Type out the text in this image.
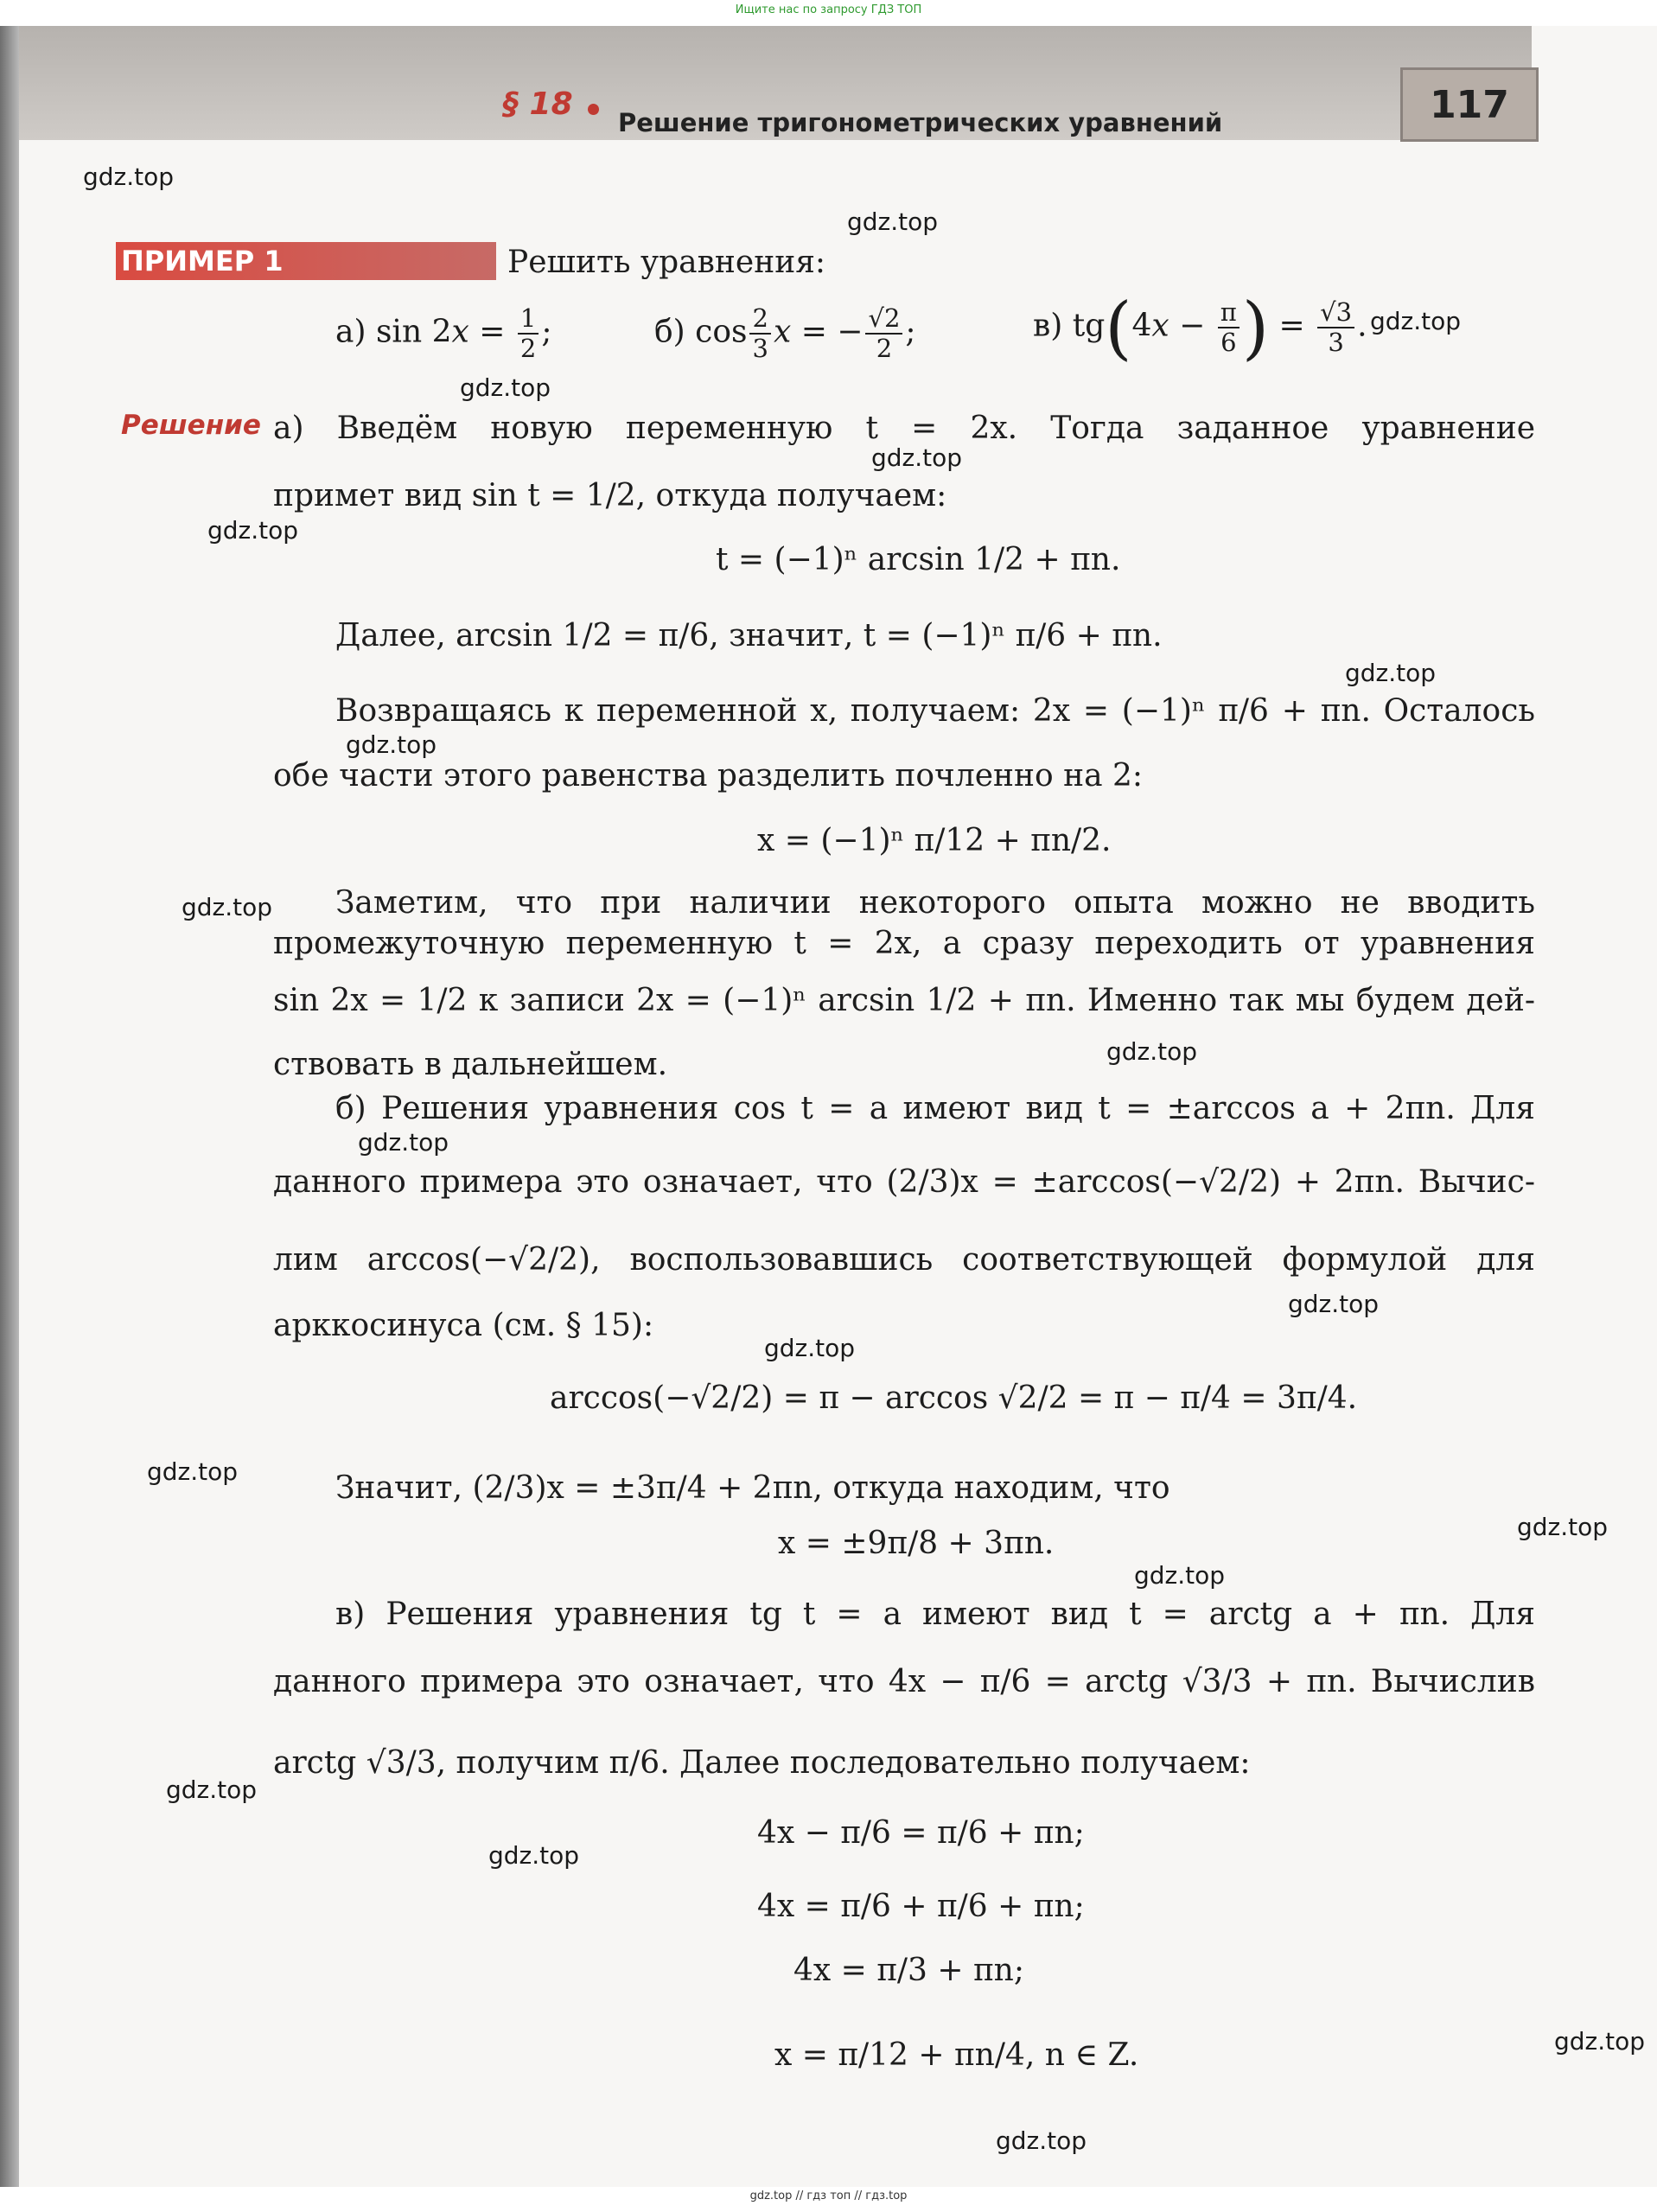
Ищите нас по запросу ГДЗ ТОП
§ 18
Решение тригонометрических уравнений	117
gdz.top
gdz.top
gdz.top
gdz.top
gdz.top
gdz.top
gdz.top
gdz.top
gdz.top
gdz.top
gdz.top
gdz.top
gdz.top
gdz.top
gdz.top
gdz.top
gdz.top
gdz.top
gdz.top
gdz.top
ПРИМЕР 1	Решить уравнения:
а) $\sin 2x = \frac{1}{2}$ ;	б) $\cos \frac{2}{3}$ x = − $\frac{√2}{2}$ ;	в) $tg(4x - \frac{\pi}{6}$ ) = $\frac{√3}{3}$ .
Решение а) Введём новую переменную t = 2x. Тогда заданное уравнение
примет вид sin t = 1/2, откуда получаем:
t = (−1)ⁿ arcsin 1/2 + πn.
Далее, arcsin 1/2 = π/6, значит, t = (−1)ⁿ π/6 + πn.
Возвращаясь к переменной x, получаем: 2x = (−1)ⁿ π/6 + πn. Осталось
обе части этого равенства разделить почленно на 2:
x = (−1)ⁿ π/12 + πn/2.
Заметим, что при наличии некоторого опыта можно не вводить
промежуточную переменную t = 2x, а сразу переходить от уравнения
sin 2x = 1/2 к записи 2x = (−1)ⁿ arcsin 1/2 + πn. Именно так мы будем дей-
ствовать в дальнейшем.
б) Решения уравнения cos t = a имеют вид t = ±arccos a + 2πn. Для
данного примера это означает, что (2/3)x = ±arccos(−√2/2) + 2πn. Вычис-
лим arccos(−√2/2), воспользовавшись соответствующей формулой для
арккосинуса (см. § 15):
arccos(−√2/2) = π − arccos √2/2 = π − π/4 = 3π/4.
Значит, (2/3)x = ±3π/4 + 2πn, откуда находим, что
x = ±9π/8 + 3πn.
в) Решения уравнения tg t = a имеют вид t = arctg a + πn. Для
данного примера это означает, что 4x − π/6 = arctg √3/3 + πn. Вычислив
arctg √3/3, получим π/6. Далее последовательно получаем:
4x − π/6 = π/6 + πn;
4x = π/6 + π/6 + πn;
4x = π/3 + πn;
x = π/12 + πn/4, n ∈ Z.
gdz.top // гдз топ // гдз.top
